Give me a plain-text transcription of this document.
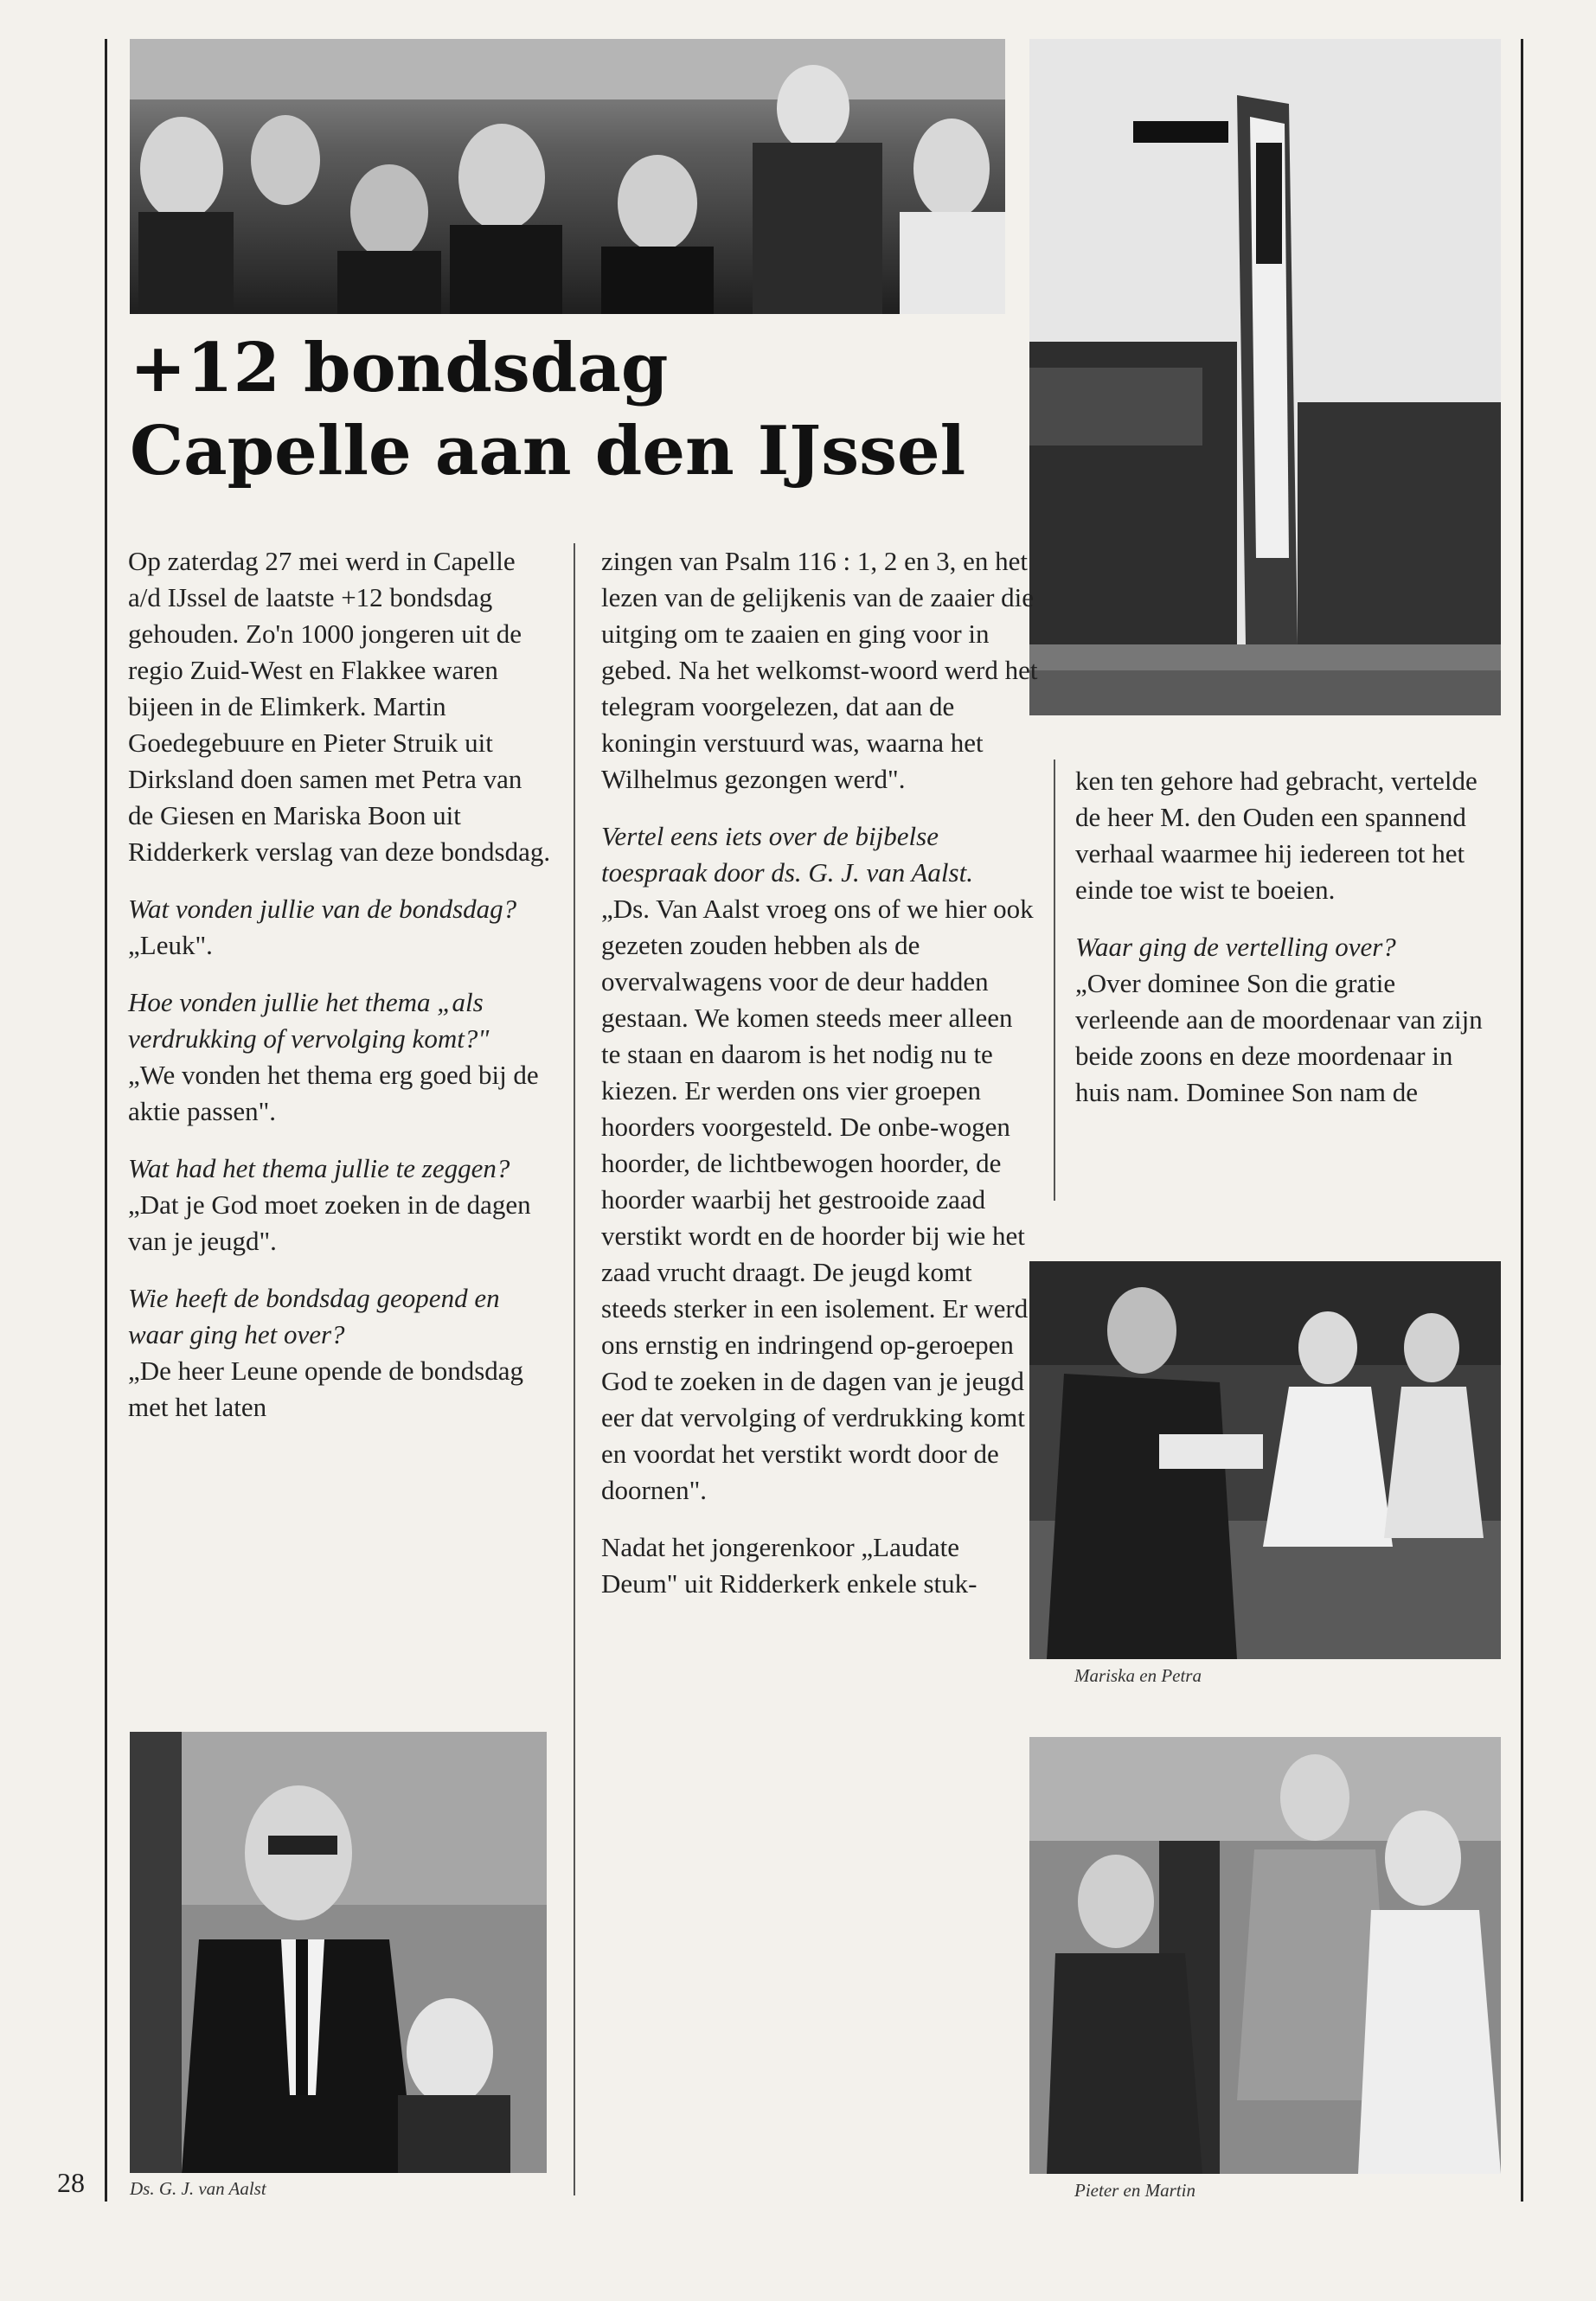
+12 bondsdag
Capelle aan den IJssel

Op zaterdag 27 mei werd in Capelle a/d IJssel de laatste +12 bondsdag gehouden. Zo'n 1000 jongeren uit de regio Zuid-West en Flakkee waren bijeen in de Elimkerk. Martin Goedegebuure en Pieter Struik uit Dirksland doen samen met Petra van de Giesen en Mariska Boon uit Ridderkerk verslag van deze bondsdag.

Wat vonden jullie van de bondsdag?
„Leuk".

Hoe vonden jullie het thema „als verdrukking of vervolging komt?"
„We vonden het thema erg goed bij de aktie passen".

Wat had het thema jullie te zeggen?
„Dat je God moet zoeken in de dagen van je jeugd".

Wie heeft de bondsdag geopend en waar ging het over?
„De heer Leune opende de bondsdag met het laten

Ds. G. J. van Aalst

zingen van Psalm 116 : 1, 2 en 3, en het lezen van de gelijkenis van de zaaier die uitging om te zaaien en ging voor in gebed. Na het welkomst-woord werd het telegram voorgelezen, dat aan de koningin verstuurd was, waarna het Wilhelmus gezongen werd".

Vertel eens iets over de bijbelse toespraak door ds. G. J. van Aalst.
„Ds. Van Aalst vroeg ons of we hier ook gezeten zouden hebben als de overvalwagens voor de deur hadden gestaan. We komen steeds meer alleen te staan en daarom is het nodig nu te kiezen. Er werden ons vier groepen hoorders voorgesteld. De onbe-wogen hoorder, de lichtbewogen hoorder, de hoorder waarbij het gestrooide zaad verstikt wordt en de hoorder bij wie het zaad vrucht draagt. De jeugd komt steeds sterker in een isolement. Er werd ons ernstig en indringend op-geroepen God te zoeken in de dagen van je jeugd eer dat vervolging of verdrukking komt en voordat het verstikt wordt door de doornen".

Nadat het jongerenkoor „Laudate Deum" uit Ridderkerk enkele stuk-

ken ten gehore had gebracht, vertelde de heer M. den Ouden een spannend verhaal waarmee hij iedereen tot het einde toe wist te boeien.

Waar ging de vertelling over?
„Over dominee Son die gratie verleende aan de moordenaar van zijn beide zoons en deze moordenaar in huis nam. Dominee Son nam de

Mariska en Petra
Pieter en Martin
28
